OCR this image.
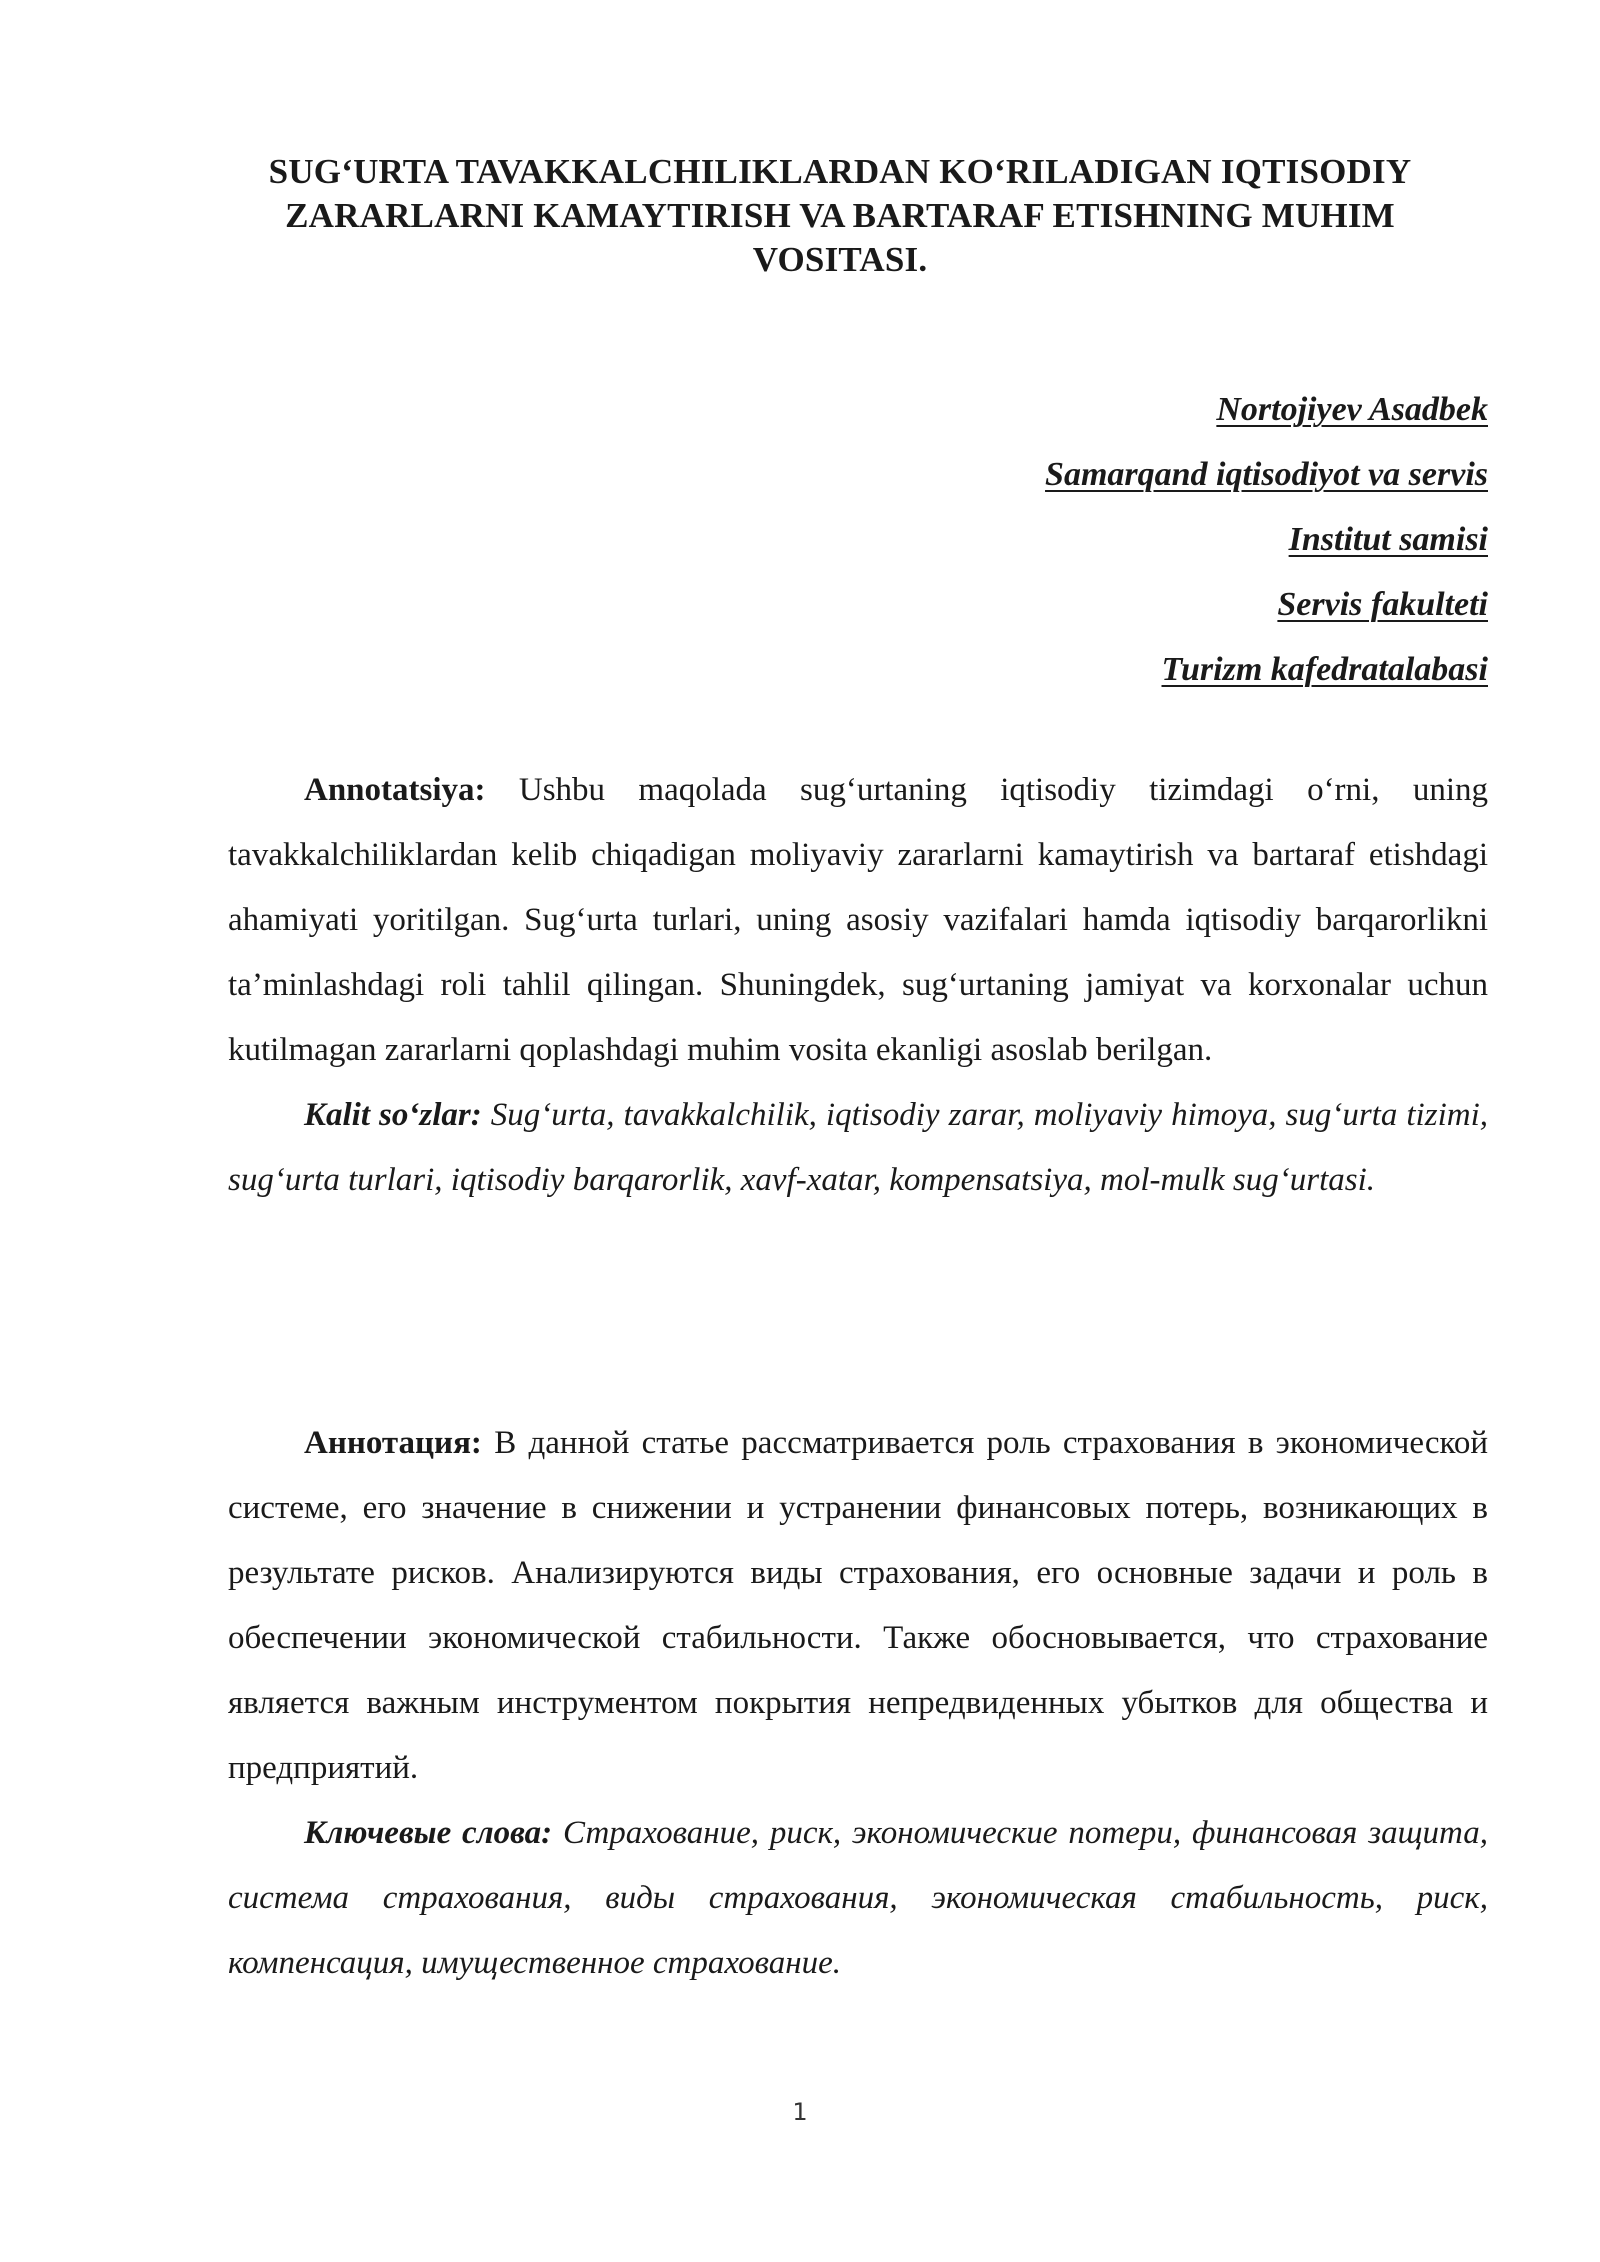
SUG‘URTA TAVAKKALCHILIKLARDAN KO‘RILADIGAN IQTISODIY
ZARARLARNI KAMAYTIRISH VA BARTARAF ETISHNING MUHIM
VOSITASI.
Nortojiyev Asadbek
Samarqand iqtisodiyot va servis
Institut samisi
Servis fakulteti
Turizm kafedratalabasi

Annotatsiya: Ushbu maqolada sug‘urtaning iqtisodiy tizimdagi o‘rni, uning tavakkalchiliklardan kelib chiqadigan moliyaviy zararlarni kamaytirish va bartaraf etishdagi ahamiyati yoritilgan. Sug‘urta turlari, uning asosiy vazifalari hamda iqtisodiy barqarorlikni ta’minlashdagi roli tahlil qilingan. Shuningdek, sug‘urtaning jamiyat va korxonalar uchun kutilmagan zararlarni qoplashdagi muhim vosita ekanligi asoslab berilgan.

Kalit so‘zlar: Sug‘urta, tavakkalchilik, iqtisodiy zarar, moliyaviy himoya, sug‘urta tizimi, sug‘urta turlari, iqtisodiy barqarorlik, xavf-xatar, kompensatsiya, mol-mulk sug‘urtasi.

Аннотация: В данной статье рассматривается роль страхования в экономической системе, его значение в снижении и устранении финансовых потерь, возникающих в результате рисков. Анализируются виды страхования, его основные задачи и роль в обеспечении экономической стабильности. Также обосновывается, что страхование является важным инструментом покрытия непредвиденных убытков для общества и предприятий.

Ключевые слова: Страхование, риск, экономические потери, финансовая защита, система страхования, виды страхования, экономическая стабильность, риск, компенсация, имущественное страхование.

1
